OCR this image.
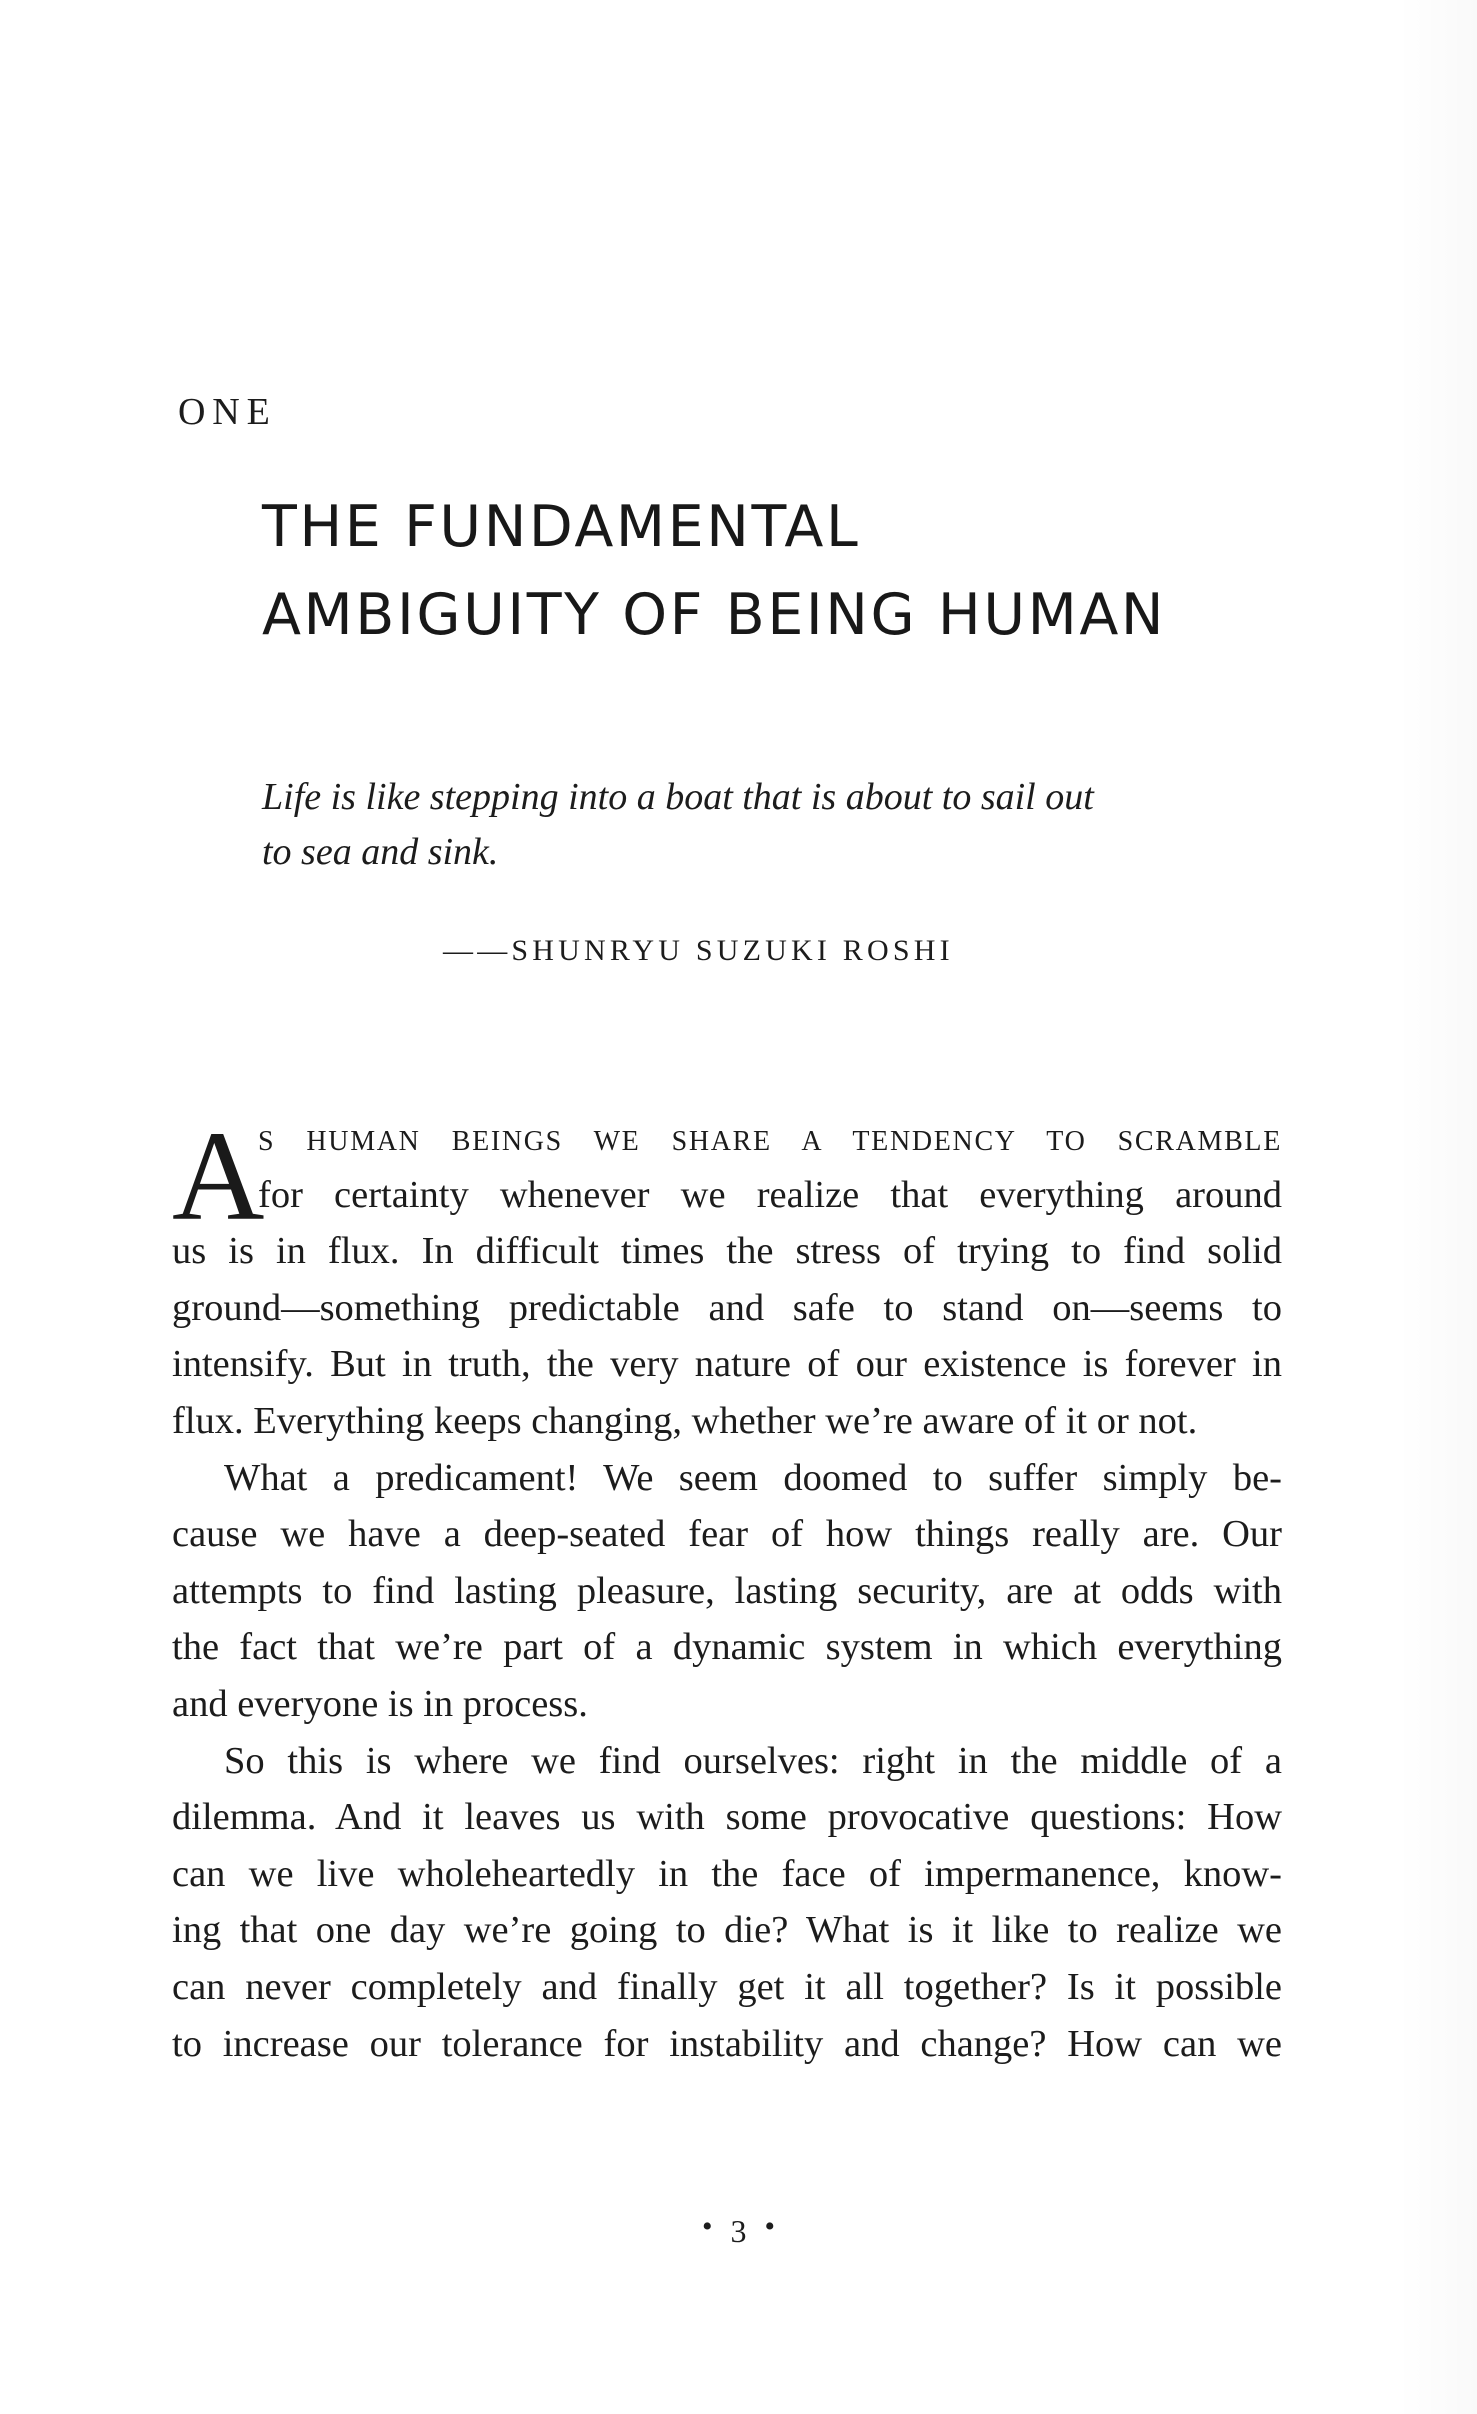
ONE
THE FUNDAMENTAL
AMBIGUITY OF BEING HUMAN

Life is like stepping into a boat that is about to sail out
to sea and sink.

——SHUNRYU SUZUKI ROSHI
A
S HUMAN BEINGS WE SHARE A TENDENCY TO SCRAMBLE
for certainty whenever we realize that everything around
us is in flux. In difficult times the stress of trying to find solid
ground—something predictable and safe to stand on—seems to
intensify. But in truth, the very nature of our existence is forever in
flux. Everything keeps changing, whether we’re aware of it or not.
What a predicament! We seem doomed to suffer simply be-
cause we have a deep-seated fear of how things really are. Our
attempts to find lasting pleasure, lasting security, are at odds with
the fact that we’re part of a dynamic system in which everything
and everyone is in process.
So this is where we find ourselves: right in the middle of a
dilemma. And it leaves us with some provocative questions: How
can we live wholeheartedly in the face of impermanence, know-
ing that one day we’re going to die? What is it like to realize we
can never completely and finally get it all together? Is it possible
to increase our tolerance for instability and change? How can we
• 3 •
